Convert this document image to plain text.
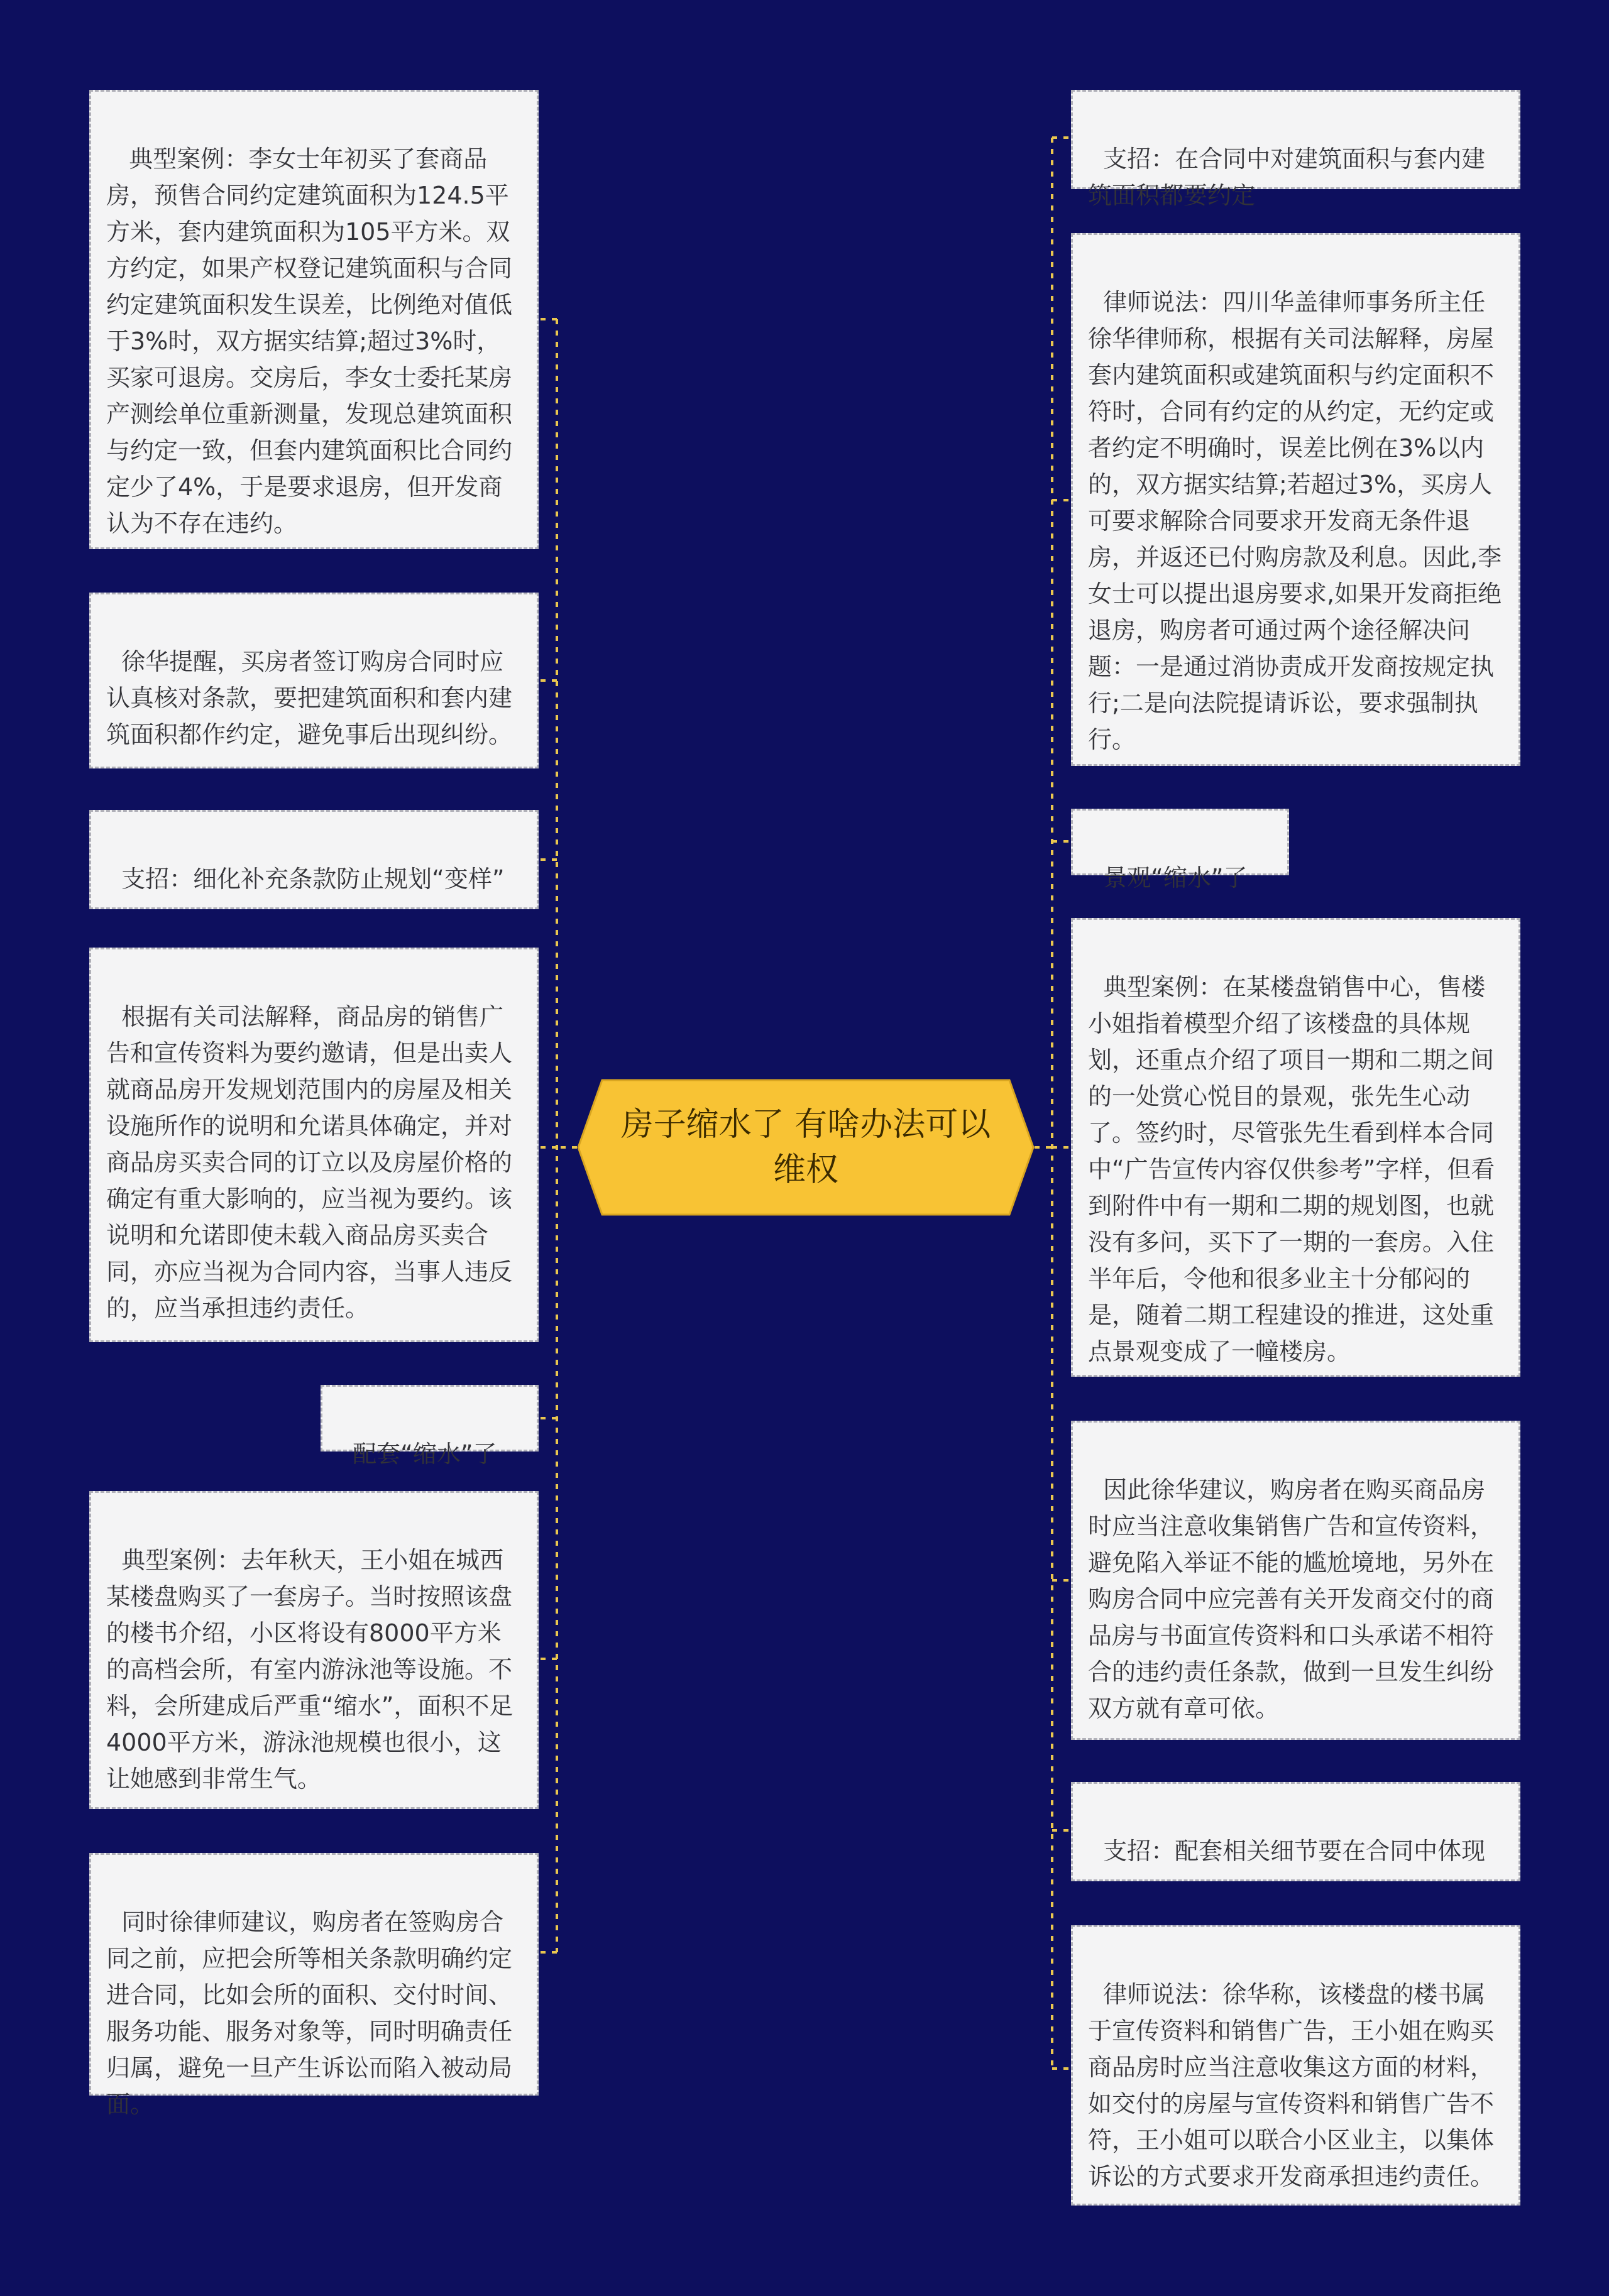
房子缩水了 有啥办法可以维权

典型案例：李女士年初买了套商品房，预售合同约定建筑面积为124.5平方米，套内建筑面积为105平方米。双方约定，如果产权登记建筑面积与合同约定建筑面积发生误差，比例绝对值低于3%时，双方据实结算;超过3%时，买家可退房。交房后，李女士委托某房产测绘单位重新测量，发现总建筑面积与约定一致，但套内建筑面积比合同约定少了4%，于是要求退房，但开发商认为不存在违约。

徐华提醒，买房者签订购房合同时应认真核对条款，要把建筑面积和套内建筑面积都作约定，避免事后出现纠纷。

支招：细化补充条款防止规划“变样”

根据有关司法解释，商品房的销售广告和宣传资料为要约邀请，但是出卖人就商品房开发规划范围内的房屋及相关设施所作的说明和允诺具体确定，并对商品房买卖合同的订立以及房屋价格的确定有重大影响的，应当视为要约。该说明和允诺即使未载入商品房买卖合同，亦应当视为合同内容，当事人违反的，应当承担违约责任。

配套“缩水”了

典型案例：去年秋天，王小姐在城西某楼盘购买了一套房子。当时按照该盘的楼书介绍，小区将设有8000平方米的高档会所，有室内游泳池等设施。不料，会所建成后严重“缩水”，面积不足4000平方米，游泳池规模也很小，这让她感到非常生气。

同时徐律师建议，购房者在签购房合同之前，应把会所等相关条款明确约定进合同，比如会所的面积、交付时间、服务功能、服务对象等，同时明确责任归属，避免一旦产生诉讼而陷入被动局面。

支招：在合同中对建筑面积与套内建筑面积都要约定

律师说法：四川华盖律师事务所主任徐华律师称，根据有关司法解释，房屋套内建筑面积或建筑面积与约定面积不符时，合同有约定的从约定，无约定或者约定不明确时，误差比例在3%以内的，双方据实结算;若超过3%，买房人可要求解除合同要求开发商无条件退房，并返还已付购房款及利息。因此,李女士可以提出退房要求,如果开发商拒绝退房，购房者可通过两个途径解决问题：一是通过消协责成开发商按规定执行;二是向法院提请诉讼，要求强制执行。

景观“缩水”了

典型案例：在某楼盘销售中心，售楼小姐指着模型介绍了该楼盘的具体规划，还重点介绍了项目一期和二期之间的一处赏心悦目的景观，张先生心动了。签约时，尽管张先生看到样本合同中“广告宣传内容仅供参考”字样，但看到附件中有一期和二期的规划图，也就没有多问，买下了一期的一套房。入住半年后，令他和很多业主十分郁闷的是，随着二期工程建设的推进，这处重点景观变成了一幢楼房。

因此徐华建议，购房者在购买商品房时应当注意收集销售广告和宣传资料，避免陷入举证不能的尴尬境地，另外在购房合同中应完善有关开发商交付的商品房与书面宣传资料和口头承诺不相符合的违约责任条款，做到一旦发生纠纷双方就有章可依。

支招：配套相关细节要在合同中体现

律师说法：徐华称，该楼盘的楼书属于宣传资料和销售广告，王小姐在购买商品房时应当注意收集这方面的材料，如交付的房屋与宣传资料和销售广告不符，王小姐可以联合小区业主，以集体诉讼的方式要求开发商承担违约责任。
